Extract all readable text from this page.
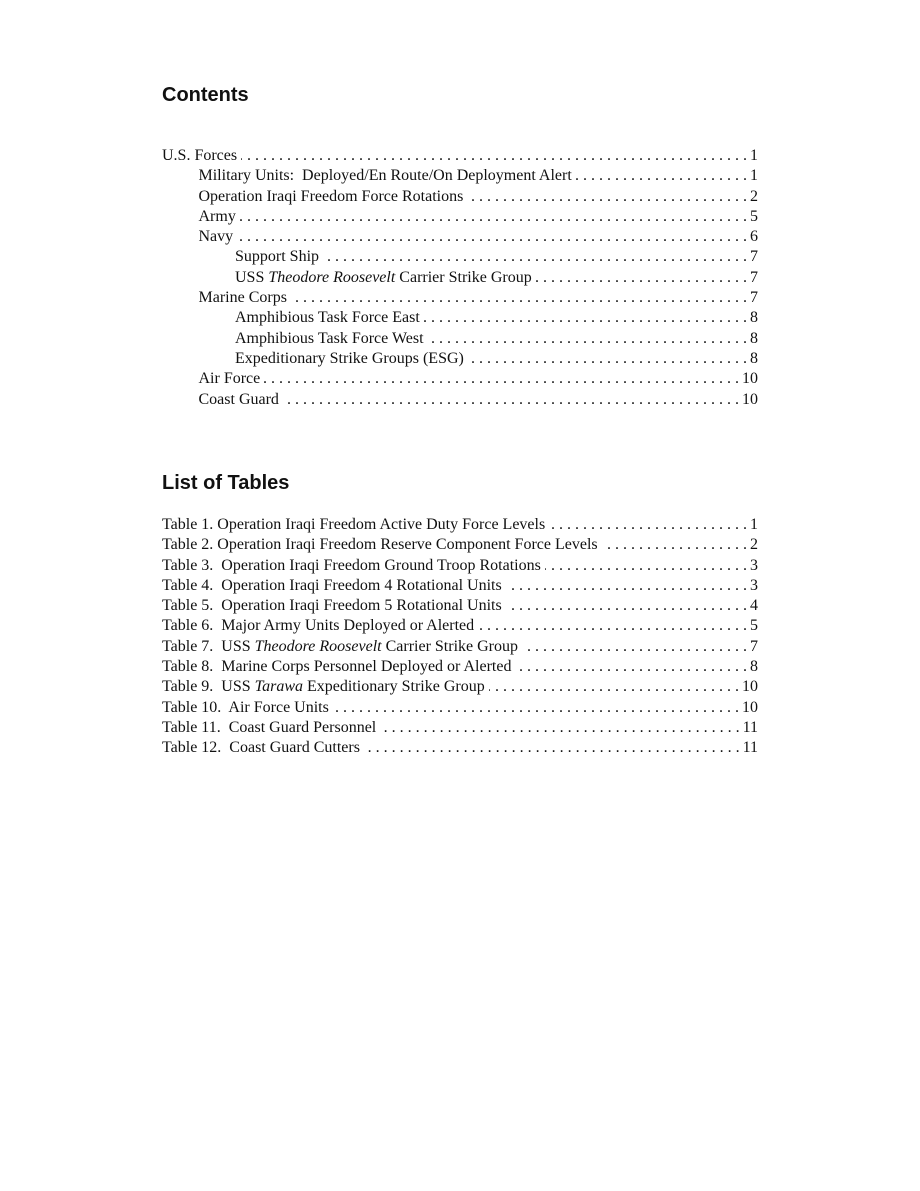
Contents
U.S. Forces . . .	1
Military Units:  Deployed/En Route/On Deployment Alert . . .	1
Operation Iraqi Freedom Force Rotations . . .	2
Army . . .	5
Navy . . .	6
Support Ship . . .	7
USS Theodore Roosevelt Carrier Strike Group . . .	7
Marine Corps . . .	7
Amphibious Task Force East . . .	8
Amphibious Task Force West . . .	8
Expeditionary Strike Groups (ESG) . . .	8
Air Force . . .	10
Coast Guard . . .	10
List of Tables
Table 1. Operation Iraqi Freedom Active Duty Force Levels . . .	1
Table 2. Operation Iraqi Freedom Reserve Component Force Levels . . .	2
Table 3.  Operation Iraqi Freedom Ground Troop Rotations . . .	3
Table 4.  Operation Iraqi Freedom 4 Rotational Units . . .	3
Table 5.  Operation Iraqi Freedom 5 Rotational Units . . .	4
Table 6.  Major Army Units Deployed or Alerted . . .	5
Table 7.  USS Theodore Roosevelt Carrier Strike Group . . .	7
Table 8.  Marine Corps Personnel Deployed or Alerted . . .	8
Table 9.  USS Tarawa Expeditionary Strike Group . . .	10
Table 10.  Air Force Units . . .	10
Table 11.  Coast Guard Personnel . . .	11
Table 12.  Coast Guard Cutters . . .	11
